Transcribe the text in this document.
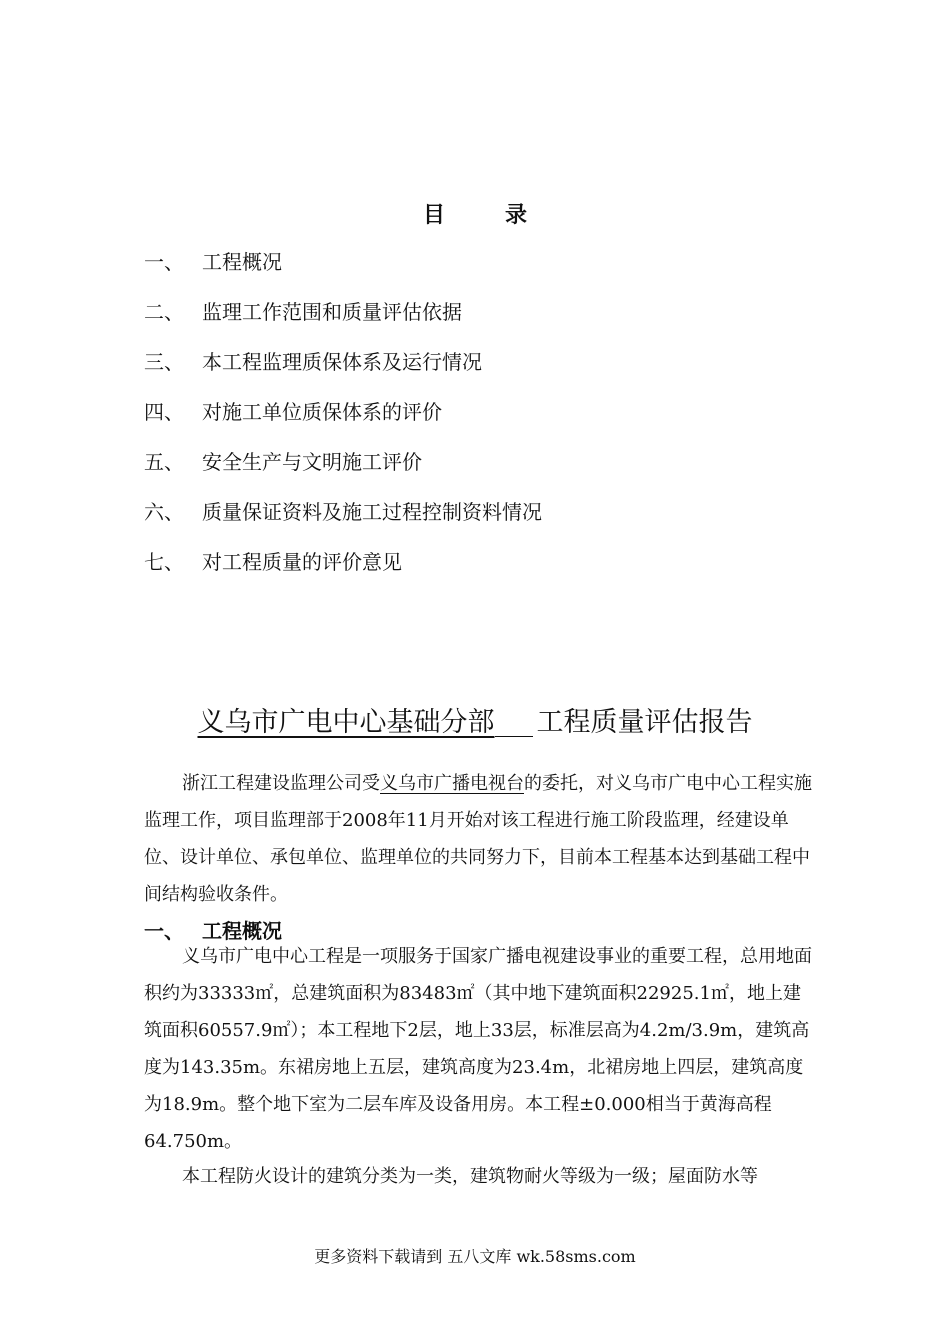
目	录
一、 工程概况
二、 监理工作范围和质量评估依据
三、 本工程监理质保体系及运行情况
四、 对施工单位质保体系的评价
五、 安全生产与文明施工评价
六、 质量保证资料及施工过程控制资料情况
七、 对工程质量的评价意见
义乌市广电中心基础分部 工程质量评估报告
浙江工程建设监理公司受义乌市广播电视台的委托，对义乌市广电中心工程实施监理工作，项目监理部于2008年11月开始对该工程进行施工阶段监理，经建设单位、设计单位、承包单位、监理单位的共同努力下，目前本工程基本达到基础工程中间结构验收条件。
一、 工程概况
义乌市广电中心工程是一项服务于国家广播电视建设事业的重要工程，总用地面积约为33333㎡，总建筑面积为83483㎡（其中地下建筑面积22925.1㎡，地上建筑面积60557.9㎡）；本工程地下2层，地上33层，标准层高为4.2m/3.9m，建筑高度为143.35m。东裙房地上五层，建筑高度为23.4m，北裙房地上四层，建筑高度为18.9m。整个地下室为二层车库及设备用房。本工程±0.000相当于黄海高程64.750m。
本工程防火设计的建筑分类为一类，建筑物耐火等级为一级；屋面防水等
更多资料下载请到 五八文库 wk.58sms.com
